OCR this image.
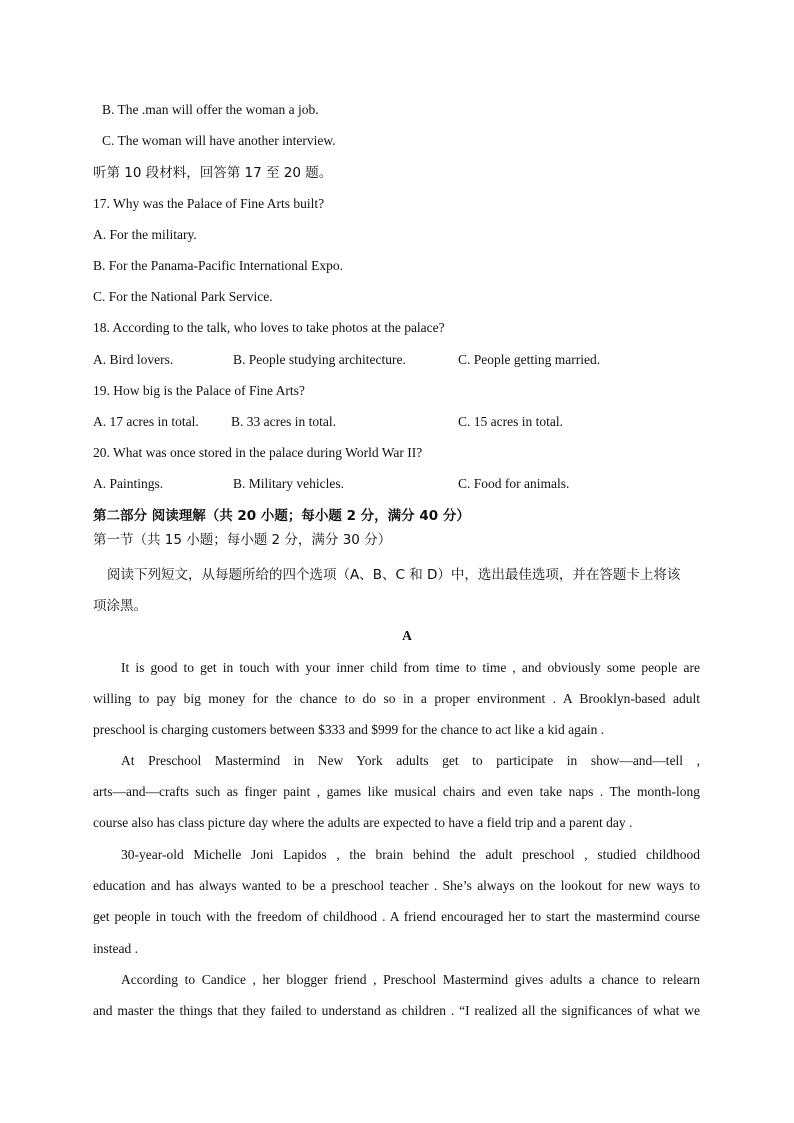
B. The .man will offer the woman a job.
C. The woman will have another interview.
听第 10 段材料，回答第 17 至 20 题。
17. Why was the Palace of Fine Arts built?
A. For the military.
B. For the Panama-Pacific International Expo.
C. For the National Park Service.
18. According to the talk, who loves to take photos at the palace?
A. Bird lovers.	B. People studying architecture.	C. People getting married.
19. How big is the Palace of Fine Arts?
A. 17 acres in total. B. 33 acres in total.	C. 15 acres in total.
20. What was once stored in the palace during World War II?
A. Paintings.	B. Military vehicles.	C. Food for animals.
第二部分 阅读理解（共 20 小题；每小题 2 分，满分 40 分）
第一节（共 15 小题；每小题 2 分，满分 30 分）
阅读下列短文，从每题所给的四个选项（A、B、C 和 D）中，选出最佳选项，并在答题卡上将该
项涂黑。
A
It is good to get in touch with your inner child from time to time , and obviously some people are
willing to pay big money for the chance to do so in a proper environment . A Brooklyn-based adult
preschool is charging customers between $333 and $999 for the chance to act like a kid again .
At Preschool Mastermind in New York adults get to participate in show—and—tell ,
arts—and—crafts such as finger paint , games like musical chairs and even take naps . The month-long
course also has class picture day where the adults are expected to have a field trip and a parent day .
30-year-old Michelle Joni Lapidos , the brain behind the adult preschool , studied childhood
education and has always wanted to be a preschool teacher . She’s always on the lookout for new ways to
get people in touch with the freedom of childhood . A friend encouraged her to start the mastermind course
instead .
According to Candice , her blogger friend , Preschool Mastermind gives adults a chance to relearn
and master the things that they failed to understand as children . “I realized all the significances of what we
